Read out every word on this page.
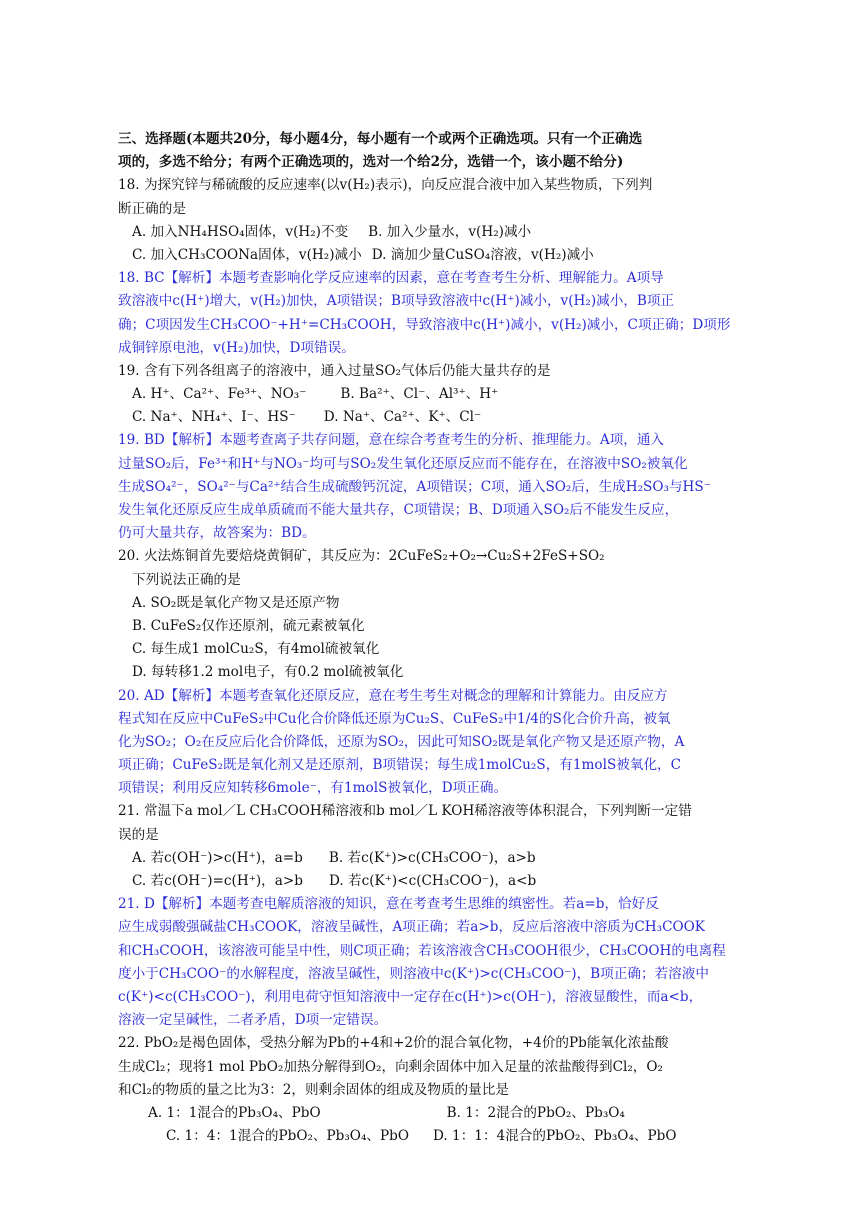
三、选择题(本题共20分，每小题4分，每小题有一个或两个正确选项。只有一个正确选
项的，多选不给分；有两个正确选项的，选对一个给2分，选错一个，该小题不给分)
18. 为探究锌与稀硫酸的反应速率(以v(H₂)表示)，向反应混合液中加入某些物质，下列判
断正确的是
A. 加入NH₄HSO₄固体，v(H₂)不变 B. 加入少量水，v(H₂)减小
C. 加入CH₃COONa固体，v(H₂)减小 D. 滴加少量CuSO₄溶液，v(H₂)减小
18. BC【解析】本题考查影响化学反应速率的因素，意在考查考生分析、理解能力。A项导
致溶液中c(H⁺)增大，v(H₂)加快，A项错误；B项导致溶液中c(H⁺)减小，v(H₂)减小，B项正
确；C项因发生CH₃COO⁻+H⁺=CH₃COOH，导致溶液中c(H⁺)减小，v(H₂)减小，C项正确；D项形
成铜锌原电池，v(H₂)加快，D项错误。
19. 含有下列各组离子的溶液中，通入过量SO₂气体后仍能大量共存的是
A. H⁺、Ca²⁺、Fe³⁺、NO₃⁻	B. Ba²⁺、Cl⁻、Al³⁺、H⁺
C. Na⁺、NH₄⁺、I⁻、HS⁻ D. Na⁺、Ca²⁺、K⁺、Cl⁻
19. BD【解析】本题考查离子共存问题，意在综合考查考生的分析、推理能力。A项，通入
过量SO₂后，Fe³⁺和H⁺与NO₃⁻均可与SO₂发生氧化还原反应而不能存在，在溶液中SO₂被氧化
生成SO₄²⁻，SO₄²⁻与Ca²⁺结合生成硫酸钙沉淀，A项错误；C项，通入SO₂后，生成H₂SO₃与HS⁻
发生氧化还原反应生成单质硫而不能大量共存，C项错误；B、D项通入SO₂后不能发生反应，
仍可大量共存，故答案为：BD。
20. 火法炼铜首先要焙烧黄铜矿，其反应为：2CuFeS₂+O₂→Cu₂S+2FeS+SO₂
下列说法正确的是
A. SO₂既是氧化产物又是还原产物
B. CuFeS₂仅作还原剂，硫元素被氧化
C. 每生成1 molCu₂S，有4mol硫被氧化
D. 每转移1.2 mol电子，有0.2 mol硫被氧化
20. AD【解析】本题考查氧化还原反应，意在考生考生对概念的理解和计算能力。由反应方
程式知在反应中CuFeS₂中Cu化合价降低还原为Cu₂S、CuFeS₂中1/4的S化合价升高，被氧
化为SO₂；O₂在反应后化合价降低，还原为SO₂，因此可知SO₂既是氧化产物又是还原产物，A
项正确；CuFeS₂既是氧化剂又是还原剂，B项错误；每生成1molCu₂S，有1molS被氧化，C
项错误；利用反应知转移6mole⁻，有1molS被氧化，D项正确。
21. 常温下a mol／L CH₃COOH稀溶液和b mol／L KOH稀溶液等体积混合，下列判断一定错
误的是
A. 若c(OH⁻)>c(H⁺)，a=b B. 若c(K⁺)>c(CH₃COO⁻)，a>b
C. 若c(OH⁻)=c(H⁺)，a>b D. 若c(K⁺)<c(CH₃COO⁻)，a<b
21. D【解析】本题考查电解质溶液的知识，意在考查考生思维的缜密性。若a=b，恰好反
应生成弱酸强碱盐CH₃COOK，溶液呈碱性，A项正确；若a>b，反应后溶液中溶质为CH₃COOK
和CH₃COOH，该溶液可能呈中性，则C项正确；若该溶液含CH₃COOH很少，CH₃COOH的电离程
度小于CH₃COO⁻的水解程度，溶液呈碱性，则溶液中c(K⁺)>c(CH₃COO⁻)，B项正确；若溶液中
c(K⁺)<c(CH₃COO⁻)，利用电荷守恒知溶液中一定存在c(H⁺)>c(OH⁻)，溶液显酸性，而a<b，
溶液一定呈碱性，二者矛盾，D项一定错误。
22. PbO₂是褐色固体，受热分解为Pb的+4和+2价的混合氧化物，+4价的Pb能氧化浓盐酸
生成Cl₂；现将1 mol PbO₂加热分解得到O₂，向剩余固体中加入足量的浓盐酸得到Cl₂，O₂
和Cl₂的物质的量之比为3：2，则剩余固体的组成及物质的量比是
A. 1：1混合的Pb₃O₄、PbO	B. 1：2混合的PbO₂、Pb₃O₄
C. 1：4：1混合的PbO₂、Pb₃O₄、PbO D. 1：1：4混合的PbO₂、Pb₃O₄、PbO
